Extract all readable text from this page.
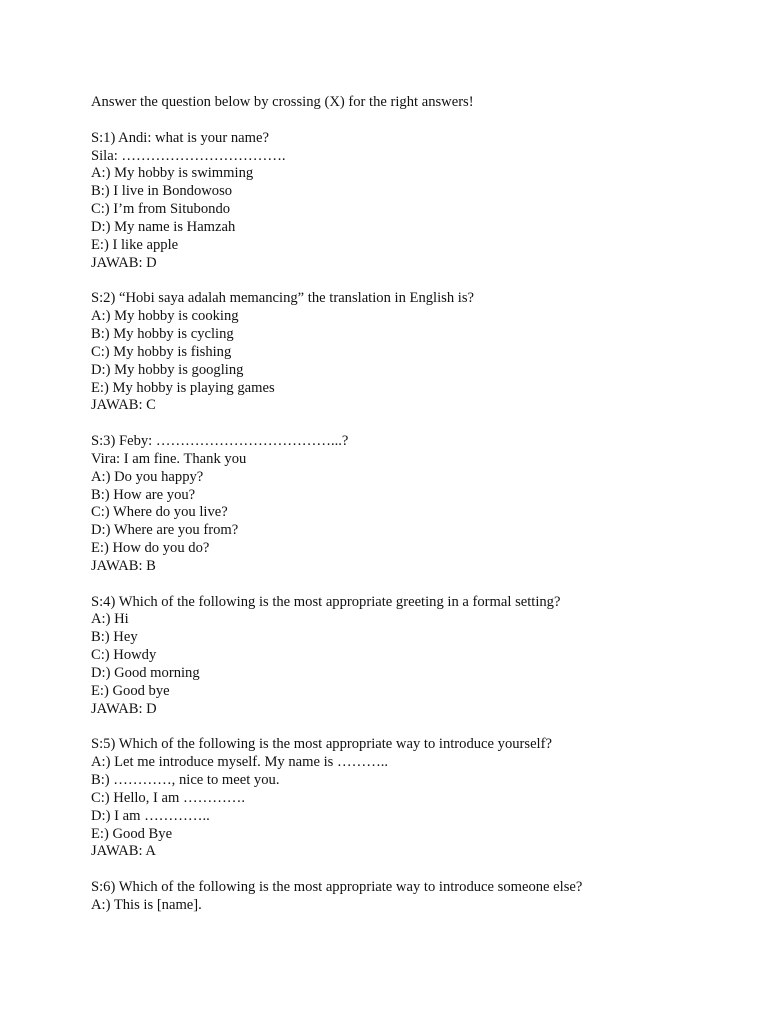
Answer the question below by crossing (X) for the right answers!
S:1) Andi: what is your name?
Sila: …………………………….
A:) My hobby is swimming
B:) I live in Bondowoso
C:) I’m from Situbondo
D:) My name is Hamzah
E:) I like apple
JAWAB: D
S:2) “Hobi saya adalah memancing” the translation in English is?
A:) My hobby is cooking
B:) My hobby is cycling
C:) My hobby is fishing
D:) My hobby is googling
E:) My hobby is playing games
JAWAB: C
S:3) Feby: ………………………………...?
Vira: I am fine. Thank you
A:) Do you happy?
B:) How are you?
C:) Where do you live?
D:) Where are you from?
E:) How do you do?
JAWAB: B
S:4) Which of the following is the most appropriate greeting in a formal setting?
A:) Hi
B:) Hey
C:) Howdy
D:) Good morning
E:) Good bye
JAWAB: D
S:5) Which of the following is the most appropriate way to introduce yourself?
A:) Let me introduce myself. My name is ………..
B:) …………, nice to meet you.
C:) Hello, I am ………….
D:) I am …………..
E:) Good Bye
JAWAB: A
S:6) Which of the following is the most appropriate way to introduce someone else?
A:) This is [name].
